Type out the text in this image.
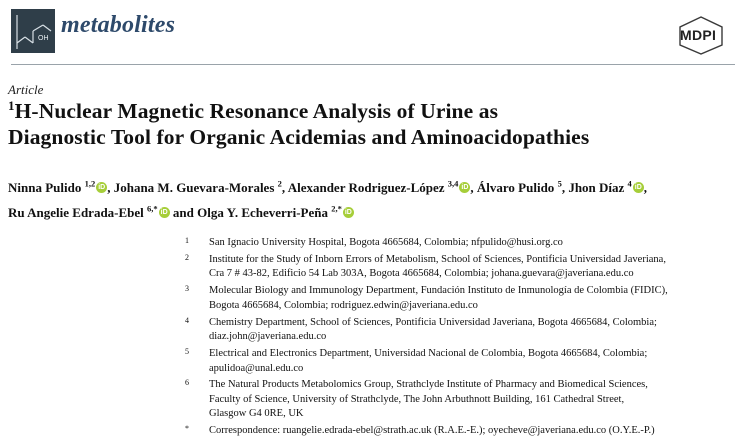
OH
metabolites	MDPI
Article
$^1$H-Nuclear Magnetic Resonance Analysis of Urine as
Diagnostic Tool for Organic Acidemias and Aminoacidopathies
Ninna Pulido $^{1,2}$ iD , Johana M. Guevara-Morales $^2$, Alexander Rodriguez-López $^{3,4}$ iD , Álvaro Pulido $^5$, Jhon Díaz $^4$ iD ,
Ru Angelie Edrada-Ebel $^{6,*}$ iD and Olga Y. Echeverri-Peña $^{2,*}$ iD
1	San Ignacio University Hospital, Bogota 4665684, Colombia; nfpulido@husi.org.co
2	Institute for the Study of Inborn Errors of Metabolism, School of Sciences, Pontificia Universidad Javeriana,
Cra 7 # 43-82, Edificio 54 Lab 303A, Bogota 4665684, Colombia; johana.guevara@javeriana.edu.co
3	Molecular Biology and Immunology Department, Fundación Instituto de Inmunología de Colombia (FIDIC),
Bogota 4665684, Colombia; rodriguez.edwin@javeriana.edu.co
4	Chemistry Department, School of Sciences, Pontificia Universidad Javeriana, Bogota 4665684, Colombia;
diaz.john@javeriana.edu.co
5	Electrical and Electronics Department, Universidad Nacional de Colombia, Bogota 4665684, Colombia;
apulidoa@unal.edu.co
6	The Natural Products Metabolomics Group, Strathclyde Institute of Pharmacy and Biomedical Sciences,
Faculty of Science, University of Strathclyde, The John Arbuthnott Building, 161 Cathedral Street,
Glasgow G4 0RE, UK
*	Correspondence: ruangelie.edrada-ebel@strath.ac.uk (R.A.E.-E.); oyecheve@javeriana.edu.co (O.Y.E.-P.)
